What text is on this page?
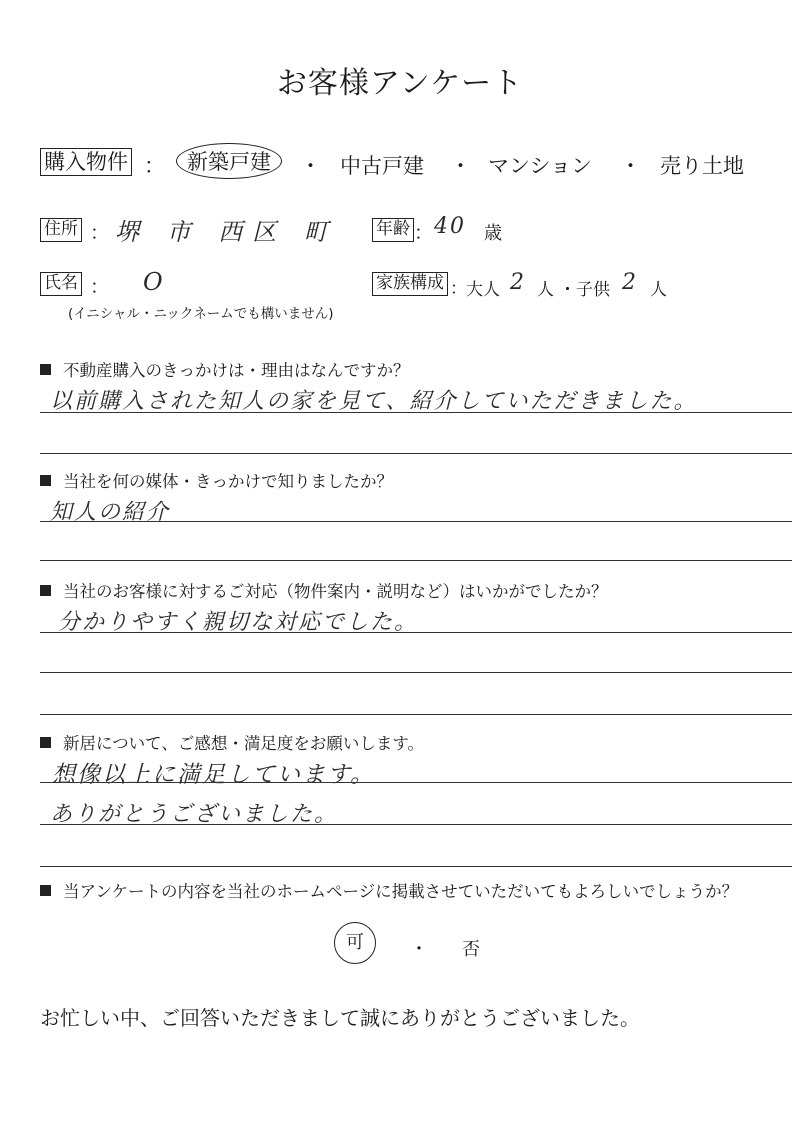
お客様アンケート
購入物件 ：	新築戸建	・ 中古戸建 ・ マンション ・ 売り土地
住所 ： 堺 市 西区 町 年齢 ： 40 歳
氏名 ： O
(イニシャル・ニックネームでも構いません)
家族構成 ： 大人 2 人 ・ 子供 2 人
不動産購入のきっかけは・理由はなんですか？
以前購入された知人の家を見て、紹介していただきました。
当社を何の媒体・きっかけで知りましたか？
知人の紹介
当社のお客様に対するご対応（物件案内・説明など）はいかがでしたか？
分かりやすく親切な対応でした。
新居について、ご感想・満足度をお願いします。
想像以上に満足しています。
ありがとうございました。
当アンケートの内容を当社のホームページに掲載させていただいてもよろしいでしょうか？
可	・ 否
お忙しい中、ご回答いただきまして誠にありがとうございました。
